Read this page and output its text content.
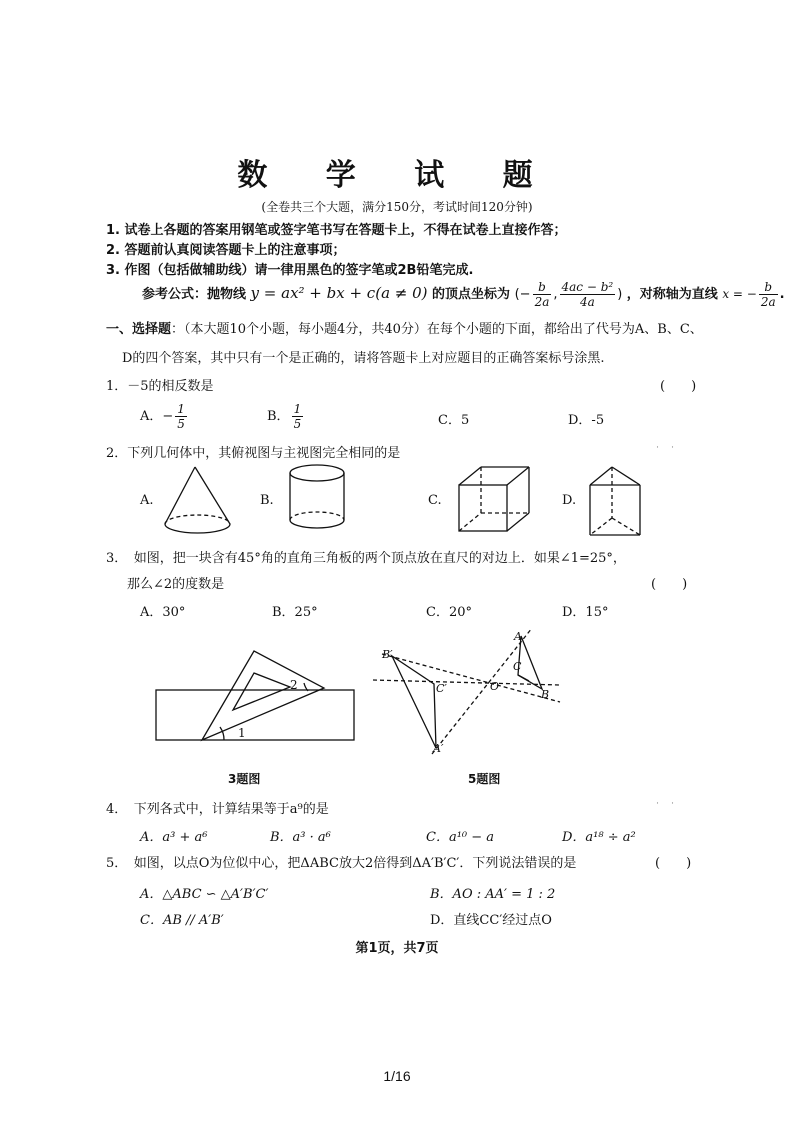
数 学 试 题
(全卷共三个大题，满分150分，考试时间120分钟)
1. 试卷上各题的答案用钢笔或签字笔书写在答题卡上，不得在试卷上直接作答；
2. 答题前认真阅读答题卡上的注意事项；
3. 作图（包括做辅助线）请一律用黑色的签字笔或2B铅笔完成.
参考公式：抛物线 y = ax² + bx + c(a ≠ 0) 的顶点坐标为 (− $\frac{b}{2a}$ , $\frac{\text{4ac − b²}}{4a}$ ) ，对称轴为直线 x = − $\frac{b}{2a}$ .
一、选择题：（本大题10个小题，每小题4分，共40分）在每个小题的下面，都给出了代号为A、B、C、
D的四个答案，其中只有一个是正确的，请将答题卡上对应题目的正确答案标号涂黑.
1．－5的相反数是	(　　)
A．− $\frac{1}{5}$	B． $\frac{1}{5}$	C．5	D．-5
2．下列几何体中，其俯视图与主视图完全相同的是	˙　˙
A.	B.	C.	D.
3．　如图，把一块含有45°角的直角三角板的两个顶点放在直尺的对边上．如果∠1=25°，
那么∠2的度数是	(　　)
A．30°	B．25°	C．20°	D．15°
1
2
3题图
B′
C′
A′
O
A
C
B
5题图
4．　下列各式中，计算结果等于a⁹的是	˙　˙
A．a³ + a⁶	B．a³ · a⁶	C．a¹⁰ − a	D．a¹⁸ ÷ a²
5．　如图，以点O为位似中心，把ΔABC放大2倍得到ΔA′B′C′．下列说法错误的是	(　　)
A．△ABC ∽ △A′B′C′	B．AO : AA′ = 1 : 2
C．AB // A′B′	D．直线CC′经过点O
第1页，共7页
1/16
